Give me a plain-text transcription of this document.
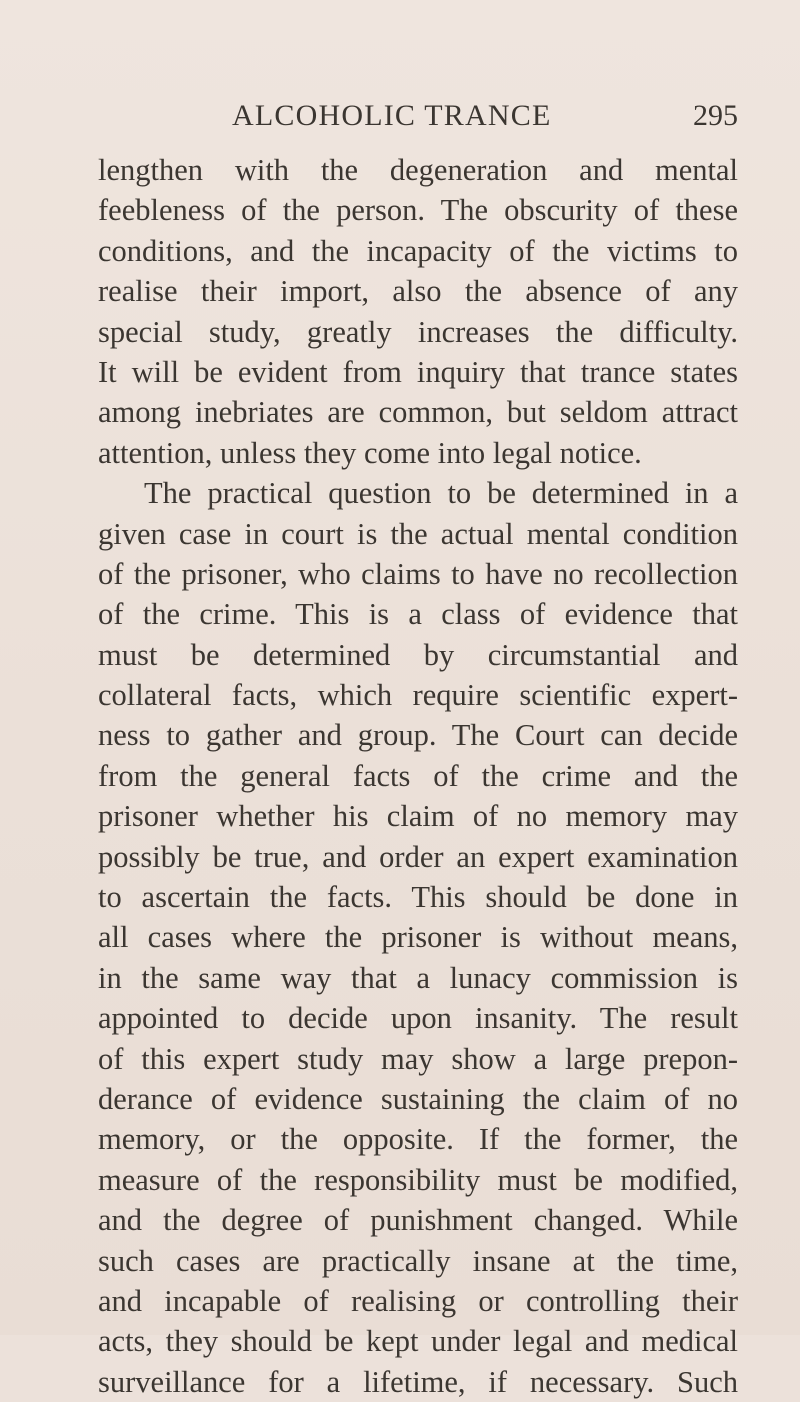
ALCOHOLIC TRANCE	295
lengthen with the degeneration and mental
feebleness of the person. The obscurity of these
conditions, and the incapacity of the victims to
realise their import, also the absence of any
special study, greatly increases the difficulty.
It will be evident from inquiry that trance states
among inebriates are common, but seldom attract
attention, unless they come into legal notice.
The practical question to be determined in a
given case in court is the actual mental condition
of the prisoner, who claims to have no recollection
of the crime. This is a class of evidence that
must be determined by circumstantial and
collateral facts, which require scientific expert-
ness to gather and group. The Court can decide
from the general facts of the crime and the
prisoner whether his claim of no memory may
possibly be true, and order an expert examination
to ascertain the facts. This should be done in
all cases where the prisoner is without means,
in the same way that a lunacy commission is
appointed to decide upon insanity. The result
of this expert study may show a large prepon-
derance of evidence sustaining the claim of no
memory, or the opposite. If the former, the
measure of the responsibility must be modified,
and the degree of punishment changed. While
such cases are practically insane at the time,
and incapable of realising or controlling their
acts, they should be kept under legal and medical
surveillance for a lifetime, if necessary. Such
